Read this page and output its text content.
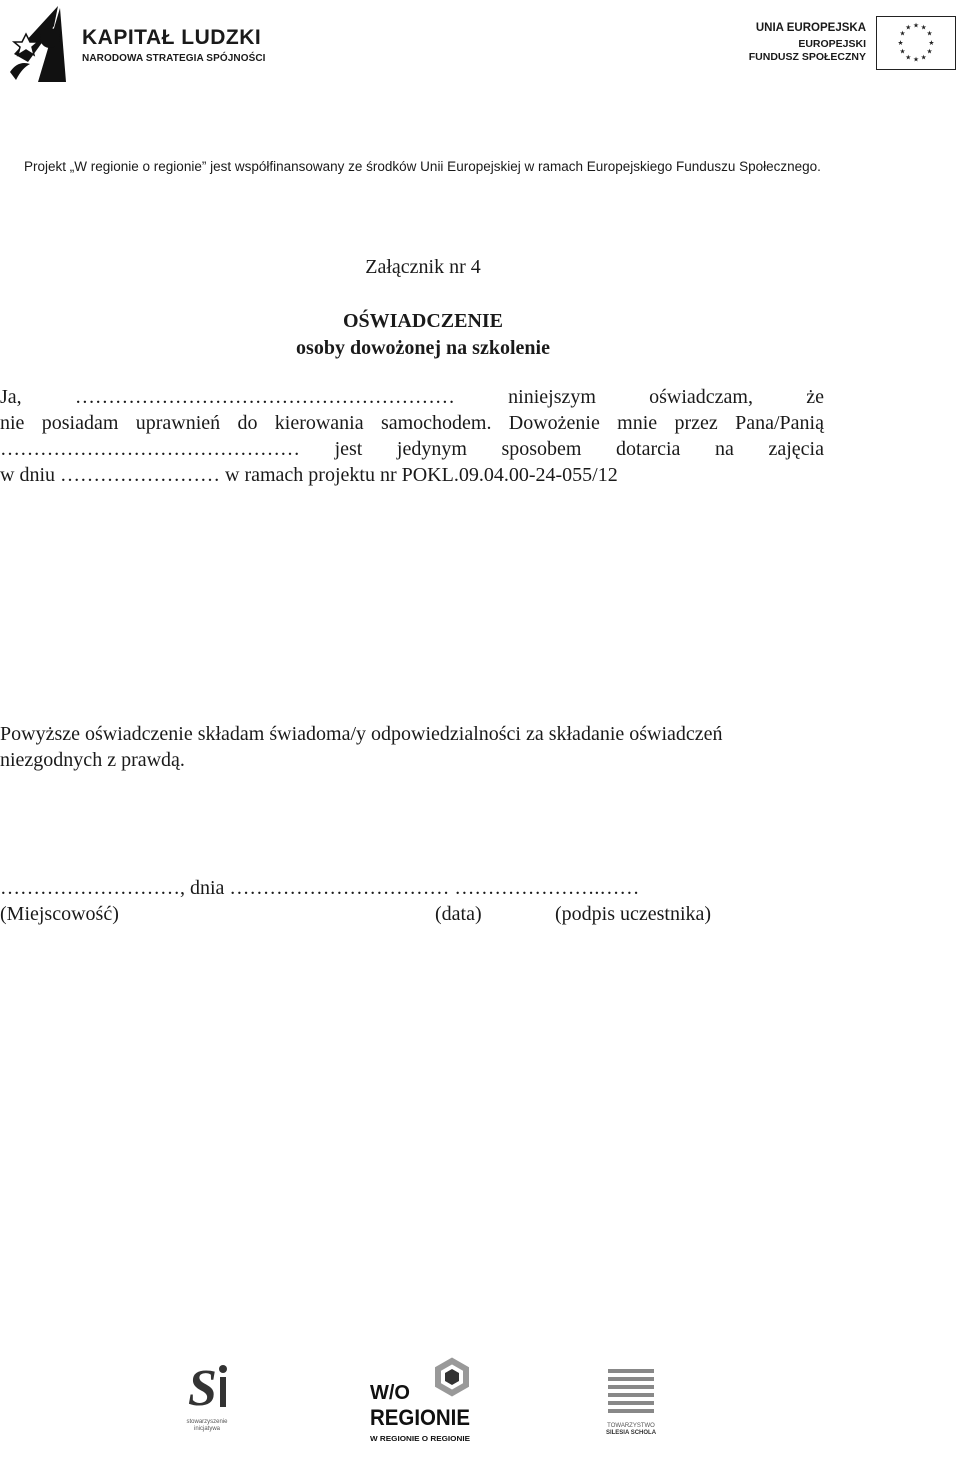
KAPITAŁ LUDZKI
NARODOWA STRATEGIA SPÓJNOŚCI
UNIA EUROPEJSKA
EUROPEJSKI
FUNDUSZ SPOŁECZNY
★ ★
★
★
★
★
★
★
★
★
★
★
Projekt „W regionie o regionie” jest współfinansowany ze środków Unii Europejskiej w ramach Europejskiego Funduszu Społecznego.
Załącznik nr 4
OŚWIADCZENIE
osoby dowożonej na szkolenie
Ja,	…………………………………………………	niniejszym	oświadczam,	że
nie posiadam uprawnień do kierowania samochodem. Dowożenie mnie przez Pana/Panią
……………………………………… jest jedynym sposobem dotarcia na zajęcia
w dniu …………………… w ramach projektu nr POKL.09.04.00-24-055/12
Powyższe oświadczenie składam świadoma/y odpowiedzialności za składanie oświadczeń
niezgodnych z prawdą.
………………………, dnia …………………………… ………………….……
(Miejscowość)	(data)	(podpis uczestnika)
S
stowarzyszenie
inicjatywa
W/O
REGIONIE
W REGIONIE O REGIONIE
TOWARZYSTWO
SILESIA SCHOLA
